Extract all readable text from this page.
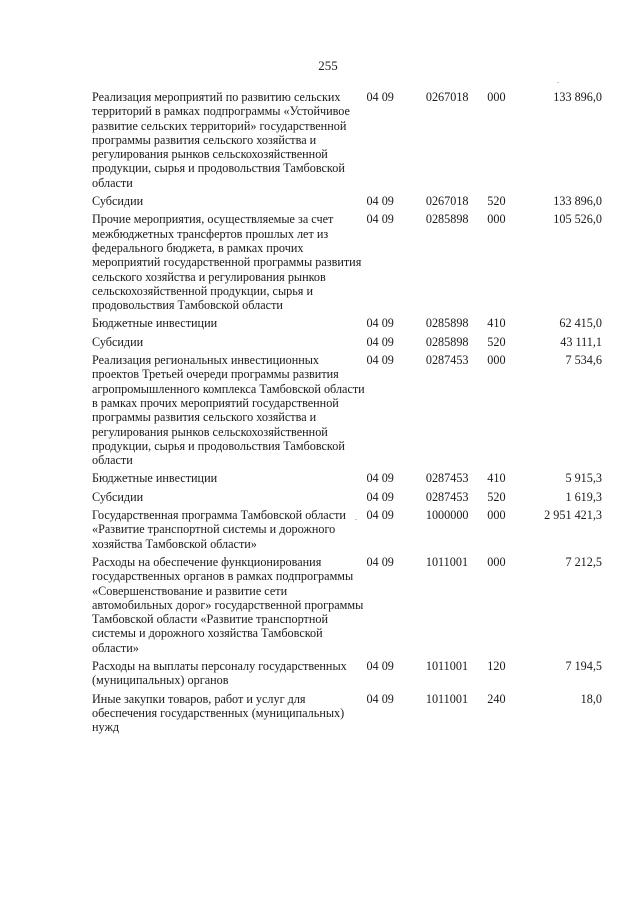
255
Реализация мероприятий по развитию сельских территорий в рамках подпрограммы «Устойчивое развитие сельских территорий» государственной программы развития сельского хозяйства и регулирования рынков сельскохозяйственной продукции, сырья и продовольствия Тамбовской области	04 09	0267018	000	133 896,0
Субсидии	04 09	0267018	520	133 896,0
Прочие мероприятия, осуществляемые за счет межбюджетных трансфертов прошлых лет из федерального бюджета, в рамках прочих мероприятий государственной программы развития сельского хозяйства и регулирования рынков сельскохозяйственной продукции, сырья и продовольствия Тамбовской области	04 09	0285898	000	105 526,0
Бюджетные инвестиции	04 09	0285898	410	62 415,0
Субсидии	04 09	0285898	520	43 111,1
Реализация региональных инвестиционных проектов Третьей очереди программы развития агропромышленного комплекса Тамбовской области в рамках прочих мероприятий государственной программы развития сельского хозяйства и регулирования рынков сельскохозяйственной продукции, сырья и продовольствия Тамбовской области	04 09	0287453	000	7 534,6
Бюджетные инвестиции	04 09	0287453	410	5 915,3
Субсидии	04 09	0287453	520	1 619,3
Государственная программа Тамбовской области «Развитие транспортной системы и дорожного хозяйства Тамбовской области»	04 09	1000000	000	2 951 421,3
Расходы на обеспечение функционирования государственных органов в рамках подпрограммы «Совершенствование и развитие сети автомобильных дорог» государственной программы Тамбовской области «Развитие транспортной системы и дорожного хозяйства Тамбовской области»	04 09	1011001	000	7 212,5
Расходы на выплаты персоналу государственных (муниципальных) органов	04 09	1011001	120	7 194,5
Иные закупки товаров, работ и услуг для обеспечения государственных (муниципальных) нужд	04 09	1011001	240	18,0
